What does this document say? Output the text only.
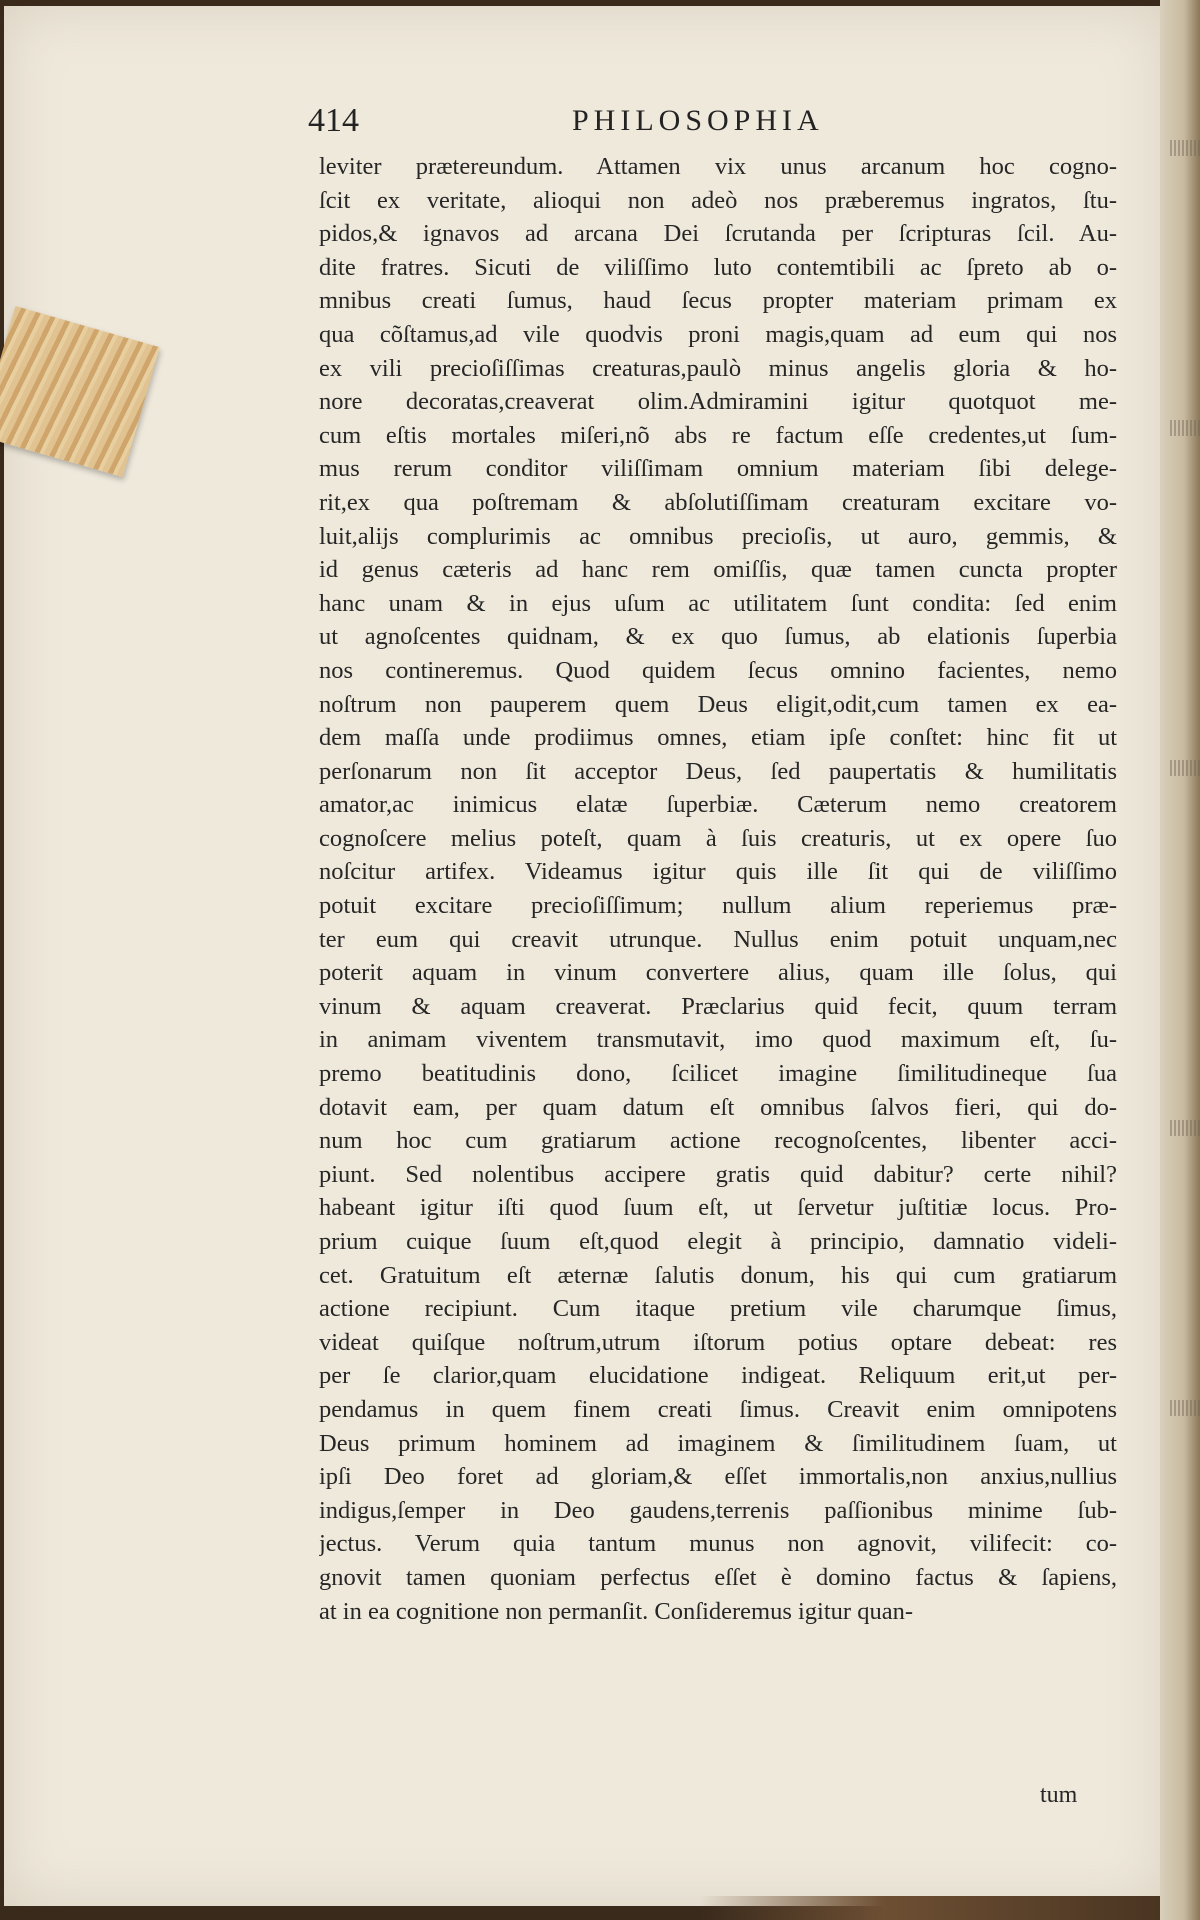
414	PHILOSOPHIA
leviter prætereundum. Attamen vix unus arcanum hoc cogno-
ſcit ex veritate, alioqui non adeò nos præberemus ingratos, ſtu-
pidos,& ignavos ad arcana Dei ſcrutanda per ſcripturas ſcil. Au-
dite fratres. Sicuti de viliſſimo luto contemtibili ac ſpreto ab o-
mnibus creati ſumus, haud ſecus propter materiam primam ex
qua cõſtamus,ad vile quodvis proni magis,quam ad eum qui nos
ex vili precioſiſſimas creaturas,paulò minus angelis gloria & ho-
nore decoratas,creaverat olim.Admiramini igitur quotquot me-
cum eſtis mortales miſeri,nõ abs re factum eſſe credentes,ut ſum-
mus rerum conditor viliſſimam omnium materiam ſibi delege-
rit,ex qua poſtremam & abſolutiſſimam creaturam excitare vo-
luit,alijs complurimis ac omnibus precioſis, ut auro, gemmis, &
id genus cæteris ad hanc rem omiſſis, quæ tamen cuncta propter
hanc unam & in ejus uſum ac utilitatem ſunt condita: ſed enim
ut agnoſcentes quidnam, & ex quo ſumus, ab elationis ſuperbia
nos contineremus. Quod quidem ſecus omnino facientes, nemo
noſtrum non pauperem quem Deus eligit,odit,cum tamen ex ea-
dem maſſa unde prodiimus omnes, etiam ipſe conſtet: hinc fit ut
perſonarum non ſit acceptor Deus, ſed paupertatis & humilitatis
amator,ac inimicus elatæ ſuperbiæ. Cæterum nemo creatorem
cognoſcere melius poteſt, quam à ſuis creaturis, ut ex opere ſuo
noſcitur artifex. Videamus igitur quis ille ſit qui de viliſſimo
potuit excitare precioſiſſimum; nullum alium reperiemus præ-
ter eum qui creavit utrunque. Nullus enim potuit unquam,nec
poterit aquam in vinum convertere alius, quam ille ſolus, qui
vinum & aquam creaverat. Præclarius quid fecit, quum terram
in animam viventem transmutavit, imo quod maximum eſt, ſu-
premo beatitudinis dono, ſcilicet imagine ſimilitudineque ſua
dotavit eam, per quam datum eſt omnibus ſalvos fieri, qui do-
num hoc cum gratiarum actione recognoſcentes, libenter acci-
piunt. Sed nolentibus accipere gratis quid dabitur? certe nihil?
habeant igitur iſti quod ſuum eſt, ut ſervetur juſtitiæ locus. Pro-
prium cuique ſuum eſt,quod elegit à principio, damnatio videli-
cet. Gratuitum eſt æternæ ſalutis donum, his qui cum gratiarum
actione recipiunt. Cum itaque pretium vile charumque ſimus,
videat quiſque noſtrum,utrum iſtorum potius optare debeat: res
per ſe clarior,quam elucidatione indigeat. Reliquum erit,ut per-
pendamus in quem finem creati ſimus. Creavit enim omnipotens
Deus primum hominem ad imaginem & ſimilitudinem ſuam, ut
ipſi Deo foret ad gloriam,& eſſet immortalis,non anxius,nullius
indigus,ſemper in Deo gaudens,terrenis paſſionibus minime ſub-
jectus. Verum quia tantum munus non agnovit, vilifecit: co-
gnovit tamen quoniam perfectus eſſet è domino factus & ſapiens,
at in ea cognitione non permanſit. Conſideremus igitur quan-
tum
